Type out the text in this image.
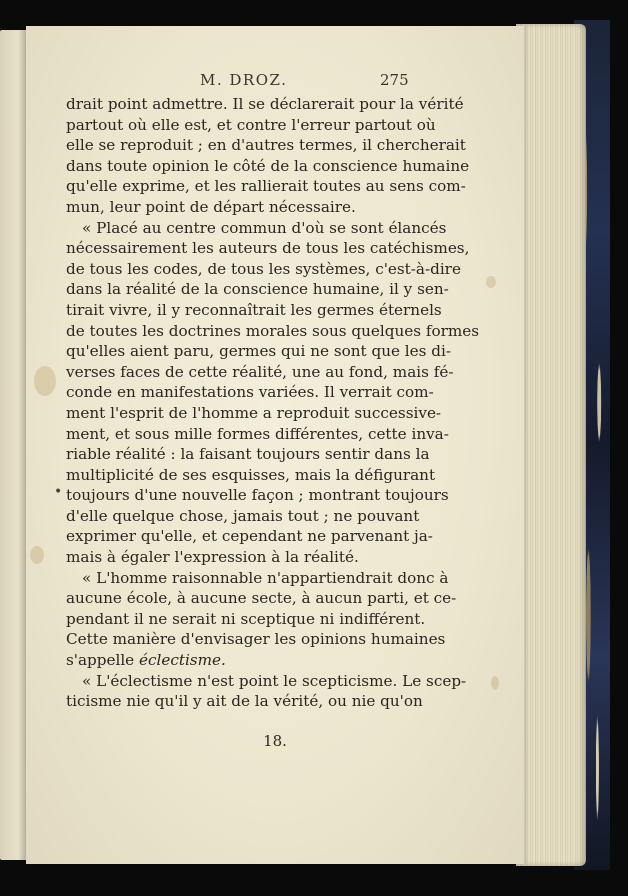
M. DROZ.	275
•
drait point admettre. Il se déclarerait pour la vérité
partout où elle est, et contre l'erreur partout où
elle se reproduit ; en d'autres termes, il chercherait
dans toute opinion le côté de la conscience humaine
qu'elle exprime, et les rallierait toutes au sens com-
mun, leur point de départ nécessaire.
« Placé au centre commun d'où se sont élancés
nécessairement les auteurs de tous les catéchismes,
de tous les codes, de tous les systèmes, c'est-à-dire
dans la réalité de la conscience humaine, il y sen-
tirait vivre, il y reconnaîtrait les germes éternels
de toutes les doctrines morales sous quelques formes
qu'elles aient paru, germes qui ne sont que les di-
verses faces de cette réalité, une au fond, mais fé-
conde en manifestations variées. Il verrait com-
ment l'esprit de l'homme a reproduit successive-
ment, et sous mille formes différentes, cette inva-
riable réalité : la faisant toujours sentir dans la
multiplicité de ses esquisses, mais la défigurant
toujours d'une nouvelle façon ; montrant toujours
d'elle quelque chose, jamais tout ; ne pouvant
exprimer qu'elle, et cependant ne parvenant ja-
mais à égaler l'expression à la réalité.
« L'homme raisonnable n'appartiendrait donc à
aucune école, à aucune secte, à aucun parti, et ce-
pendant il ne serait ni sceptique ni indifférent.
Cette manière d'envisager les opinions humaines
s'appelle éclectisme.
« L'éclectisme n'est point le scepticisme. Le scep-
ticisme nie qu'il y ait de la vérité, ou nie qu'on
18.
